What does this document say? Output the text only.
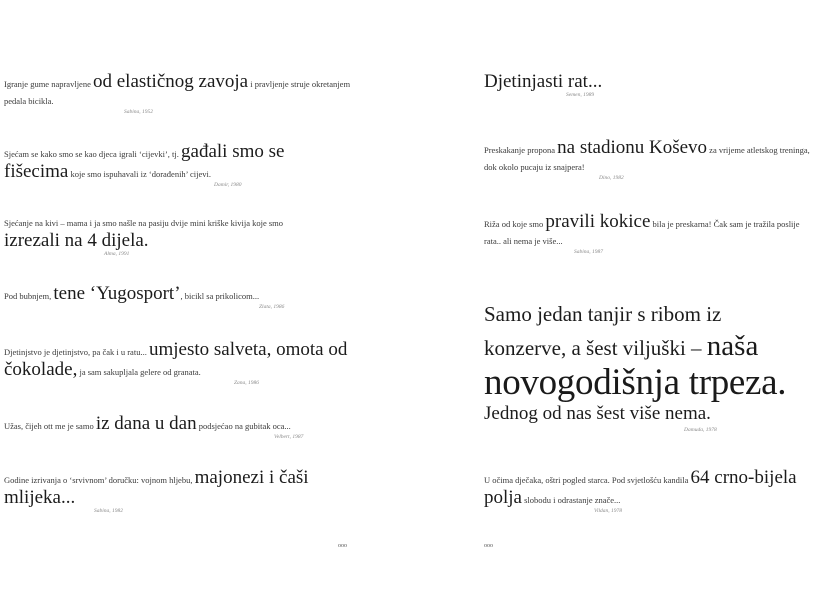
Igranje gume napravljene od elastičnog zavoja i pravljenje struje okretanjem pedala biciklа.
Sabina, 1952
Sjećam se kako smo se kao djeca igrali ‘cijevki’, tj. gađali smo se fišecima koje smo ispuhavali iz ‘dorađenih’ cijevi.
Damir, 1980
Sjećanje na kivi – mama i ja smo našle na pasiju dvije mini kriške kivija koje smo izrezali na 4 dijela.
Alma, 1991
Pod bubnjem, tene ‘Yugosport’, bicikl sa prikolicom...
Zlata, 1986
Djetinjstvo je djetinjstvo, pa čak i u ratu... umjesto salveta, omota od čokolade, ja sam sakupljala gelere od granata.
Zana, 1986
Užas, čijeh ott me je samo iz dana u dan podsjećao na gubitak oca...
Velbert, 1987
Godine izrivanja o ‘srvivnom’ doručku: vojnom hljebu, majonezi i čaši mlijeka...
Sabina, 1982
ooo
Djetinjasti rat...
Semen, 1989
Preskakanje propona na stadionu Koševo za vrijeme atletskog treninga, dok okolo pucaju iz snajpera!
Dino, 1982
Riža od koje smo pravili kokice bila je preskarna! Čak sam je tražila poslije rata.. ali nema je više...
Sabina, 1987
Samo jedan tanjir s ribom iz
konzerve, a šest viljuški – naša
novogodišnja trpeza.
Jednog od nas šest više nema.
Damuda, 1978
U očima dječaka, oštri pogled starca. Pod svjetlošću kandila 64 crno-bijela polja slobodu i odrastanje znače...
Vildan, 1978
ooo
